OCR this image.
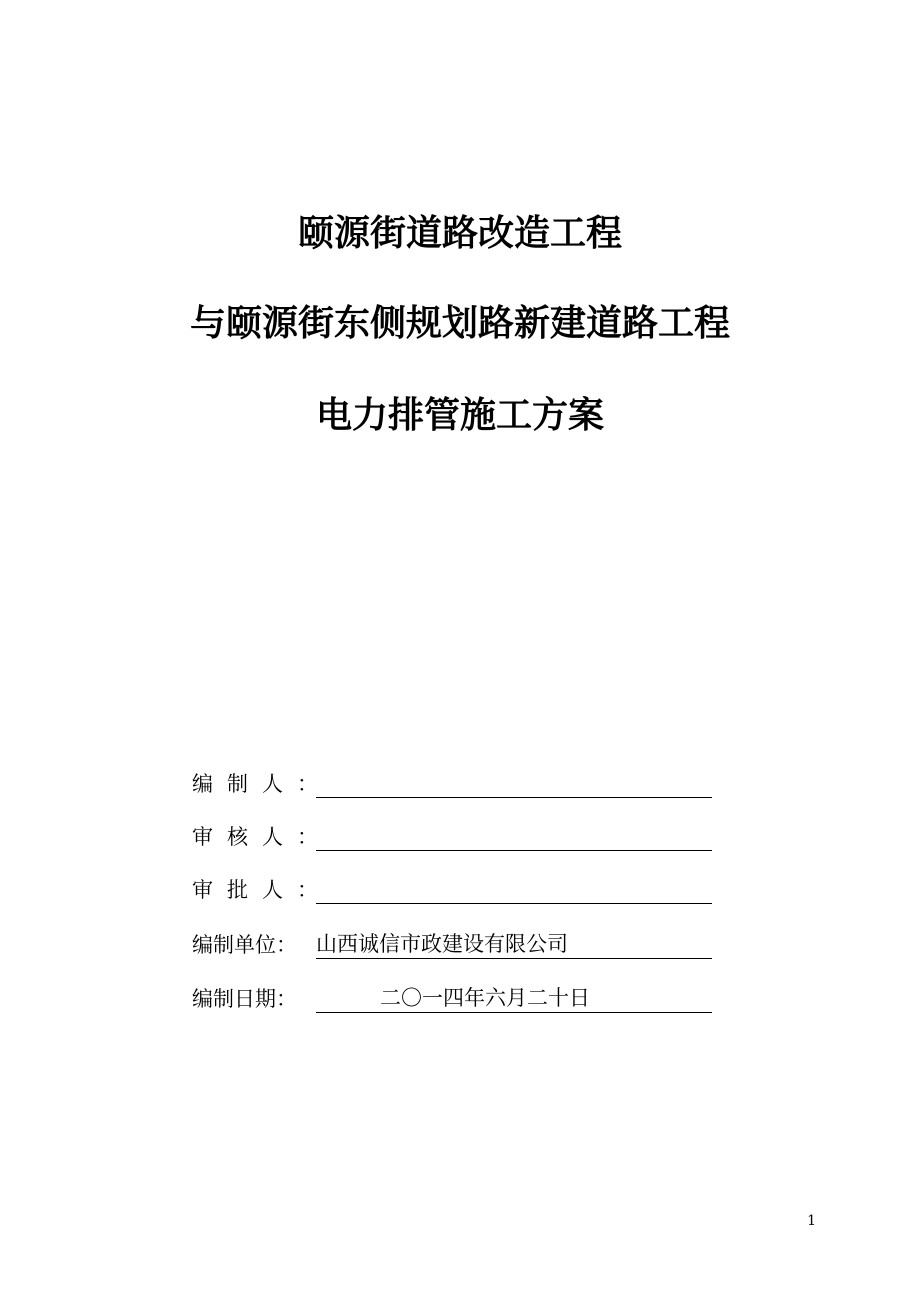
颐源街道路改造工程
与颐源街东侧规划路新建道路工程
电力排管施工方案
编制人：
审核人：
审批人：
编制单位： 山西诚信市政建设有限公司
编制日期：	二〇一四年六月二十日
1
